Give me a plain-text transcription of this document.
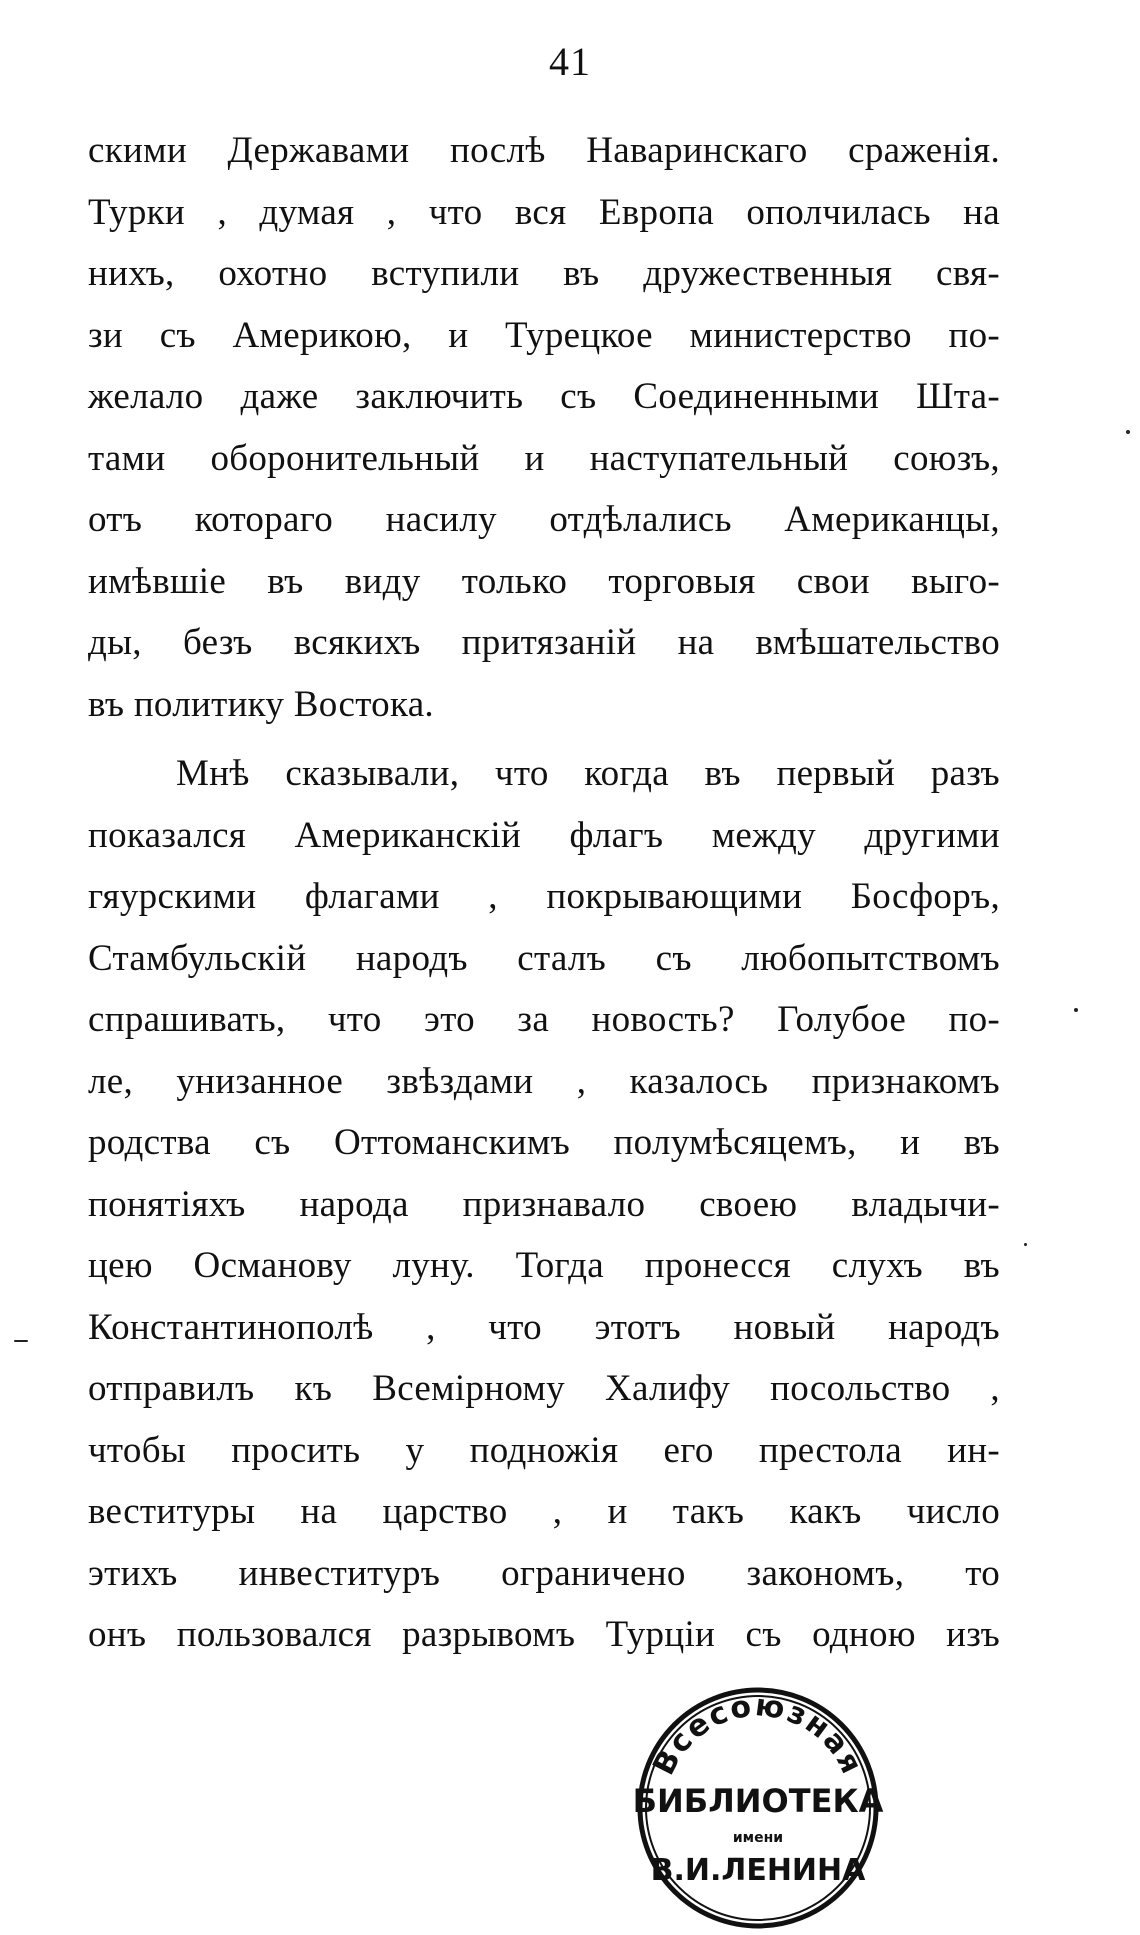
41
скими Державами послѣ Наваринскаго сраженія.
Турки , думая , что вся Европа ополчилась на
нихъ, охотно вступили въ дружественныя свя-
зи съ Америкою, и Турецкое министерство по-
желало даже заключить съ Соединенными Шта-
тами оборонительный и наступательный союзъ,
отъ котораго насилу отдѣлались Американцы,
имѣвшіе въ виду только торговыя свои выго-
ды, безъ всякихъ притязаній на вмѣшательство
въ политику Востока.
Мнѣ сказывали, что когда въ первый разъ
показался Американскій флагъ между другими
гяурскими флагами , покрывающими Босфоръ,
Стамбульскій народъ сталъ съ любопытствомъ
спрашивать, что это за новость? Голубое по-
ле, унизанное звѣздами , казалось признакомъ
родства съ Оттоманскимъ полумѣсяцемъ, и въ
понятіяхъ народа признавало своею владычи-
цею Османову луну. Тогда пронесся слухъ въ
Константинополѣ , что этотъ новый народъ
отправилъ къ Всемірному Халифу посольство ,
чтобы просить у подножія его престола ин-
веституры на царство , и такъ какъ число
этихъ инвеституръ ограничено закономъ, то
онъ пользовался разрывомъ Турціи съ одною изъ
Всесоюзная
БИБЛИОТЕКА
имени
В.И.ЛЕНИНА
